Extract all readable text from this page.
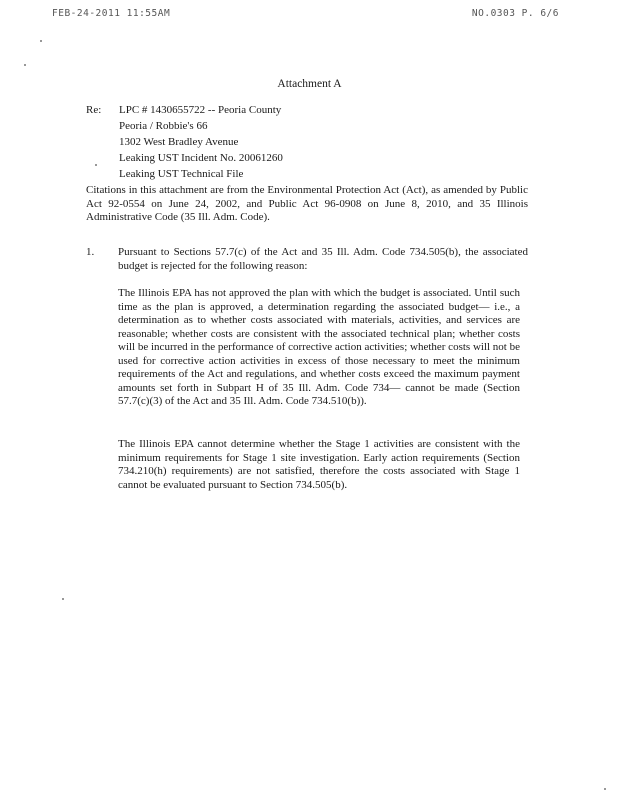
FEB-24-2011 11:55AM	NO.0303 P. 6/6
Attachment A
Re: LPC # 1430655722 -- Peoria County
Peoria / Robbie's 66
1302 West Bradley Avenue
Leaking UST Incident No. 20061260
Leaking UST Technical File
Citations in this attachment are from the Environmental Protection Act (Act), as amended by Public Act 92-0554 on June 24, 2002, and Public Act 96-0908 on June 8, 2010, and 35 Illinois Administrative Code (35 Ill. Adm. Code).
1. Pursuant to Sections 57.7(c) of the Act and 35 Ill. Adm. Code 734.505(b), the associated budget is rejected for the following reason:
The Illinois EPA has not approved the plan with which the budget is associated. Until such time as the plan is approved, a determination regarding the associated budget— i.e., a determination as to whether costs associated with materials, activities, and services are reasonable; whether costs are consistent with the associated technical plan; whether costs will be incurred in the performance of corrective action activities; whether costs will not be used for corrective action activities in excess of those necessary to meet the minimum requirements of the Act and regulations, and whether costs exceed the maximum payment amounts set forth in Subpart H of 35 Ill. Adm. Code 734— cannot be made (Section 57.7(c)(3) of the Act and 35 Ill. Adm. Code 734.510(b)).
The Illinois EPA cannot determine whether the Stage 1 activities are consistent with the minimum requirements for Stage 1 site investigation. Early action requirements (Section 734.210(h) requirements) are not satisfied, therefore the costs associated with Stage 1 cannot be evaluated pursuant to Section 734.505(b).
